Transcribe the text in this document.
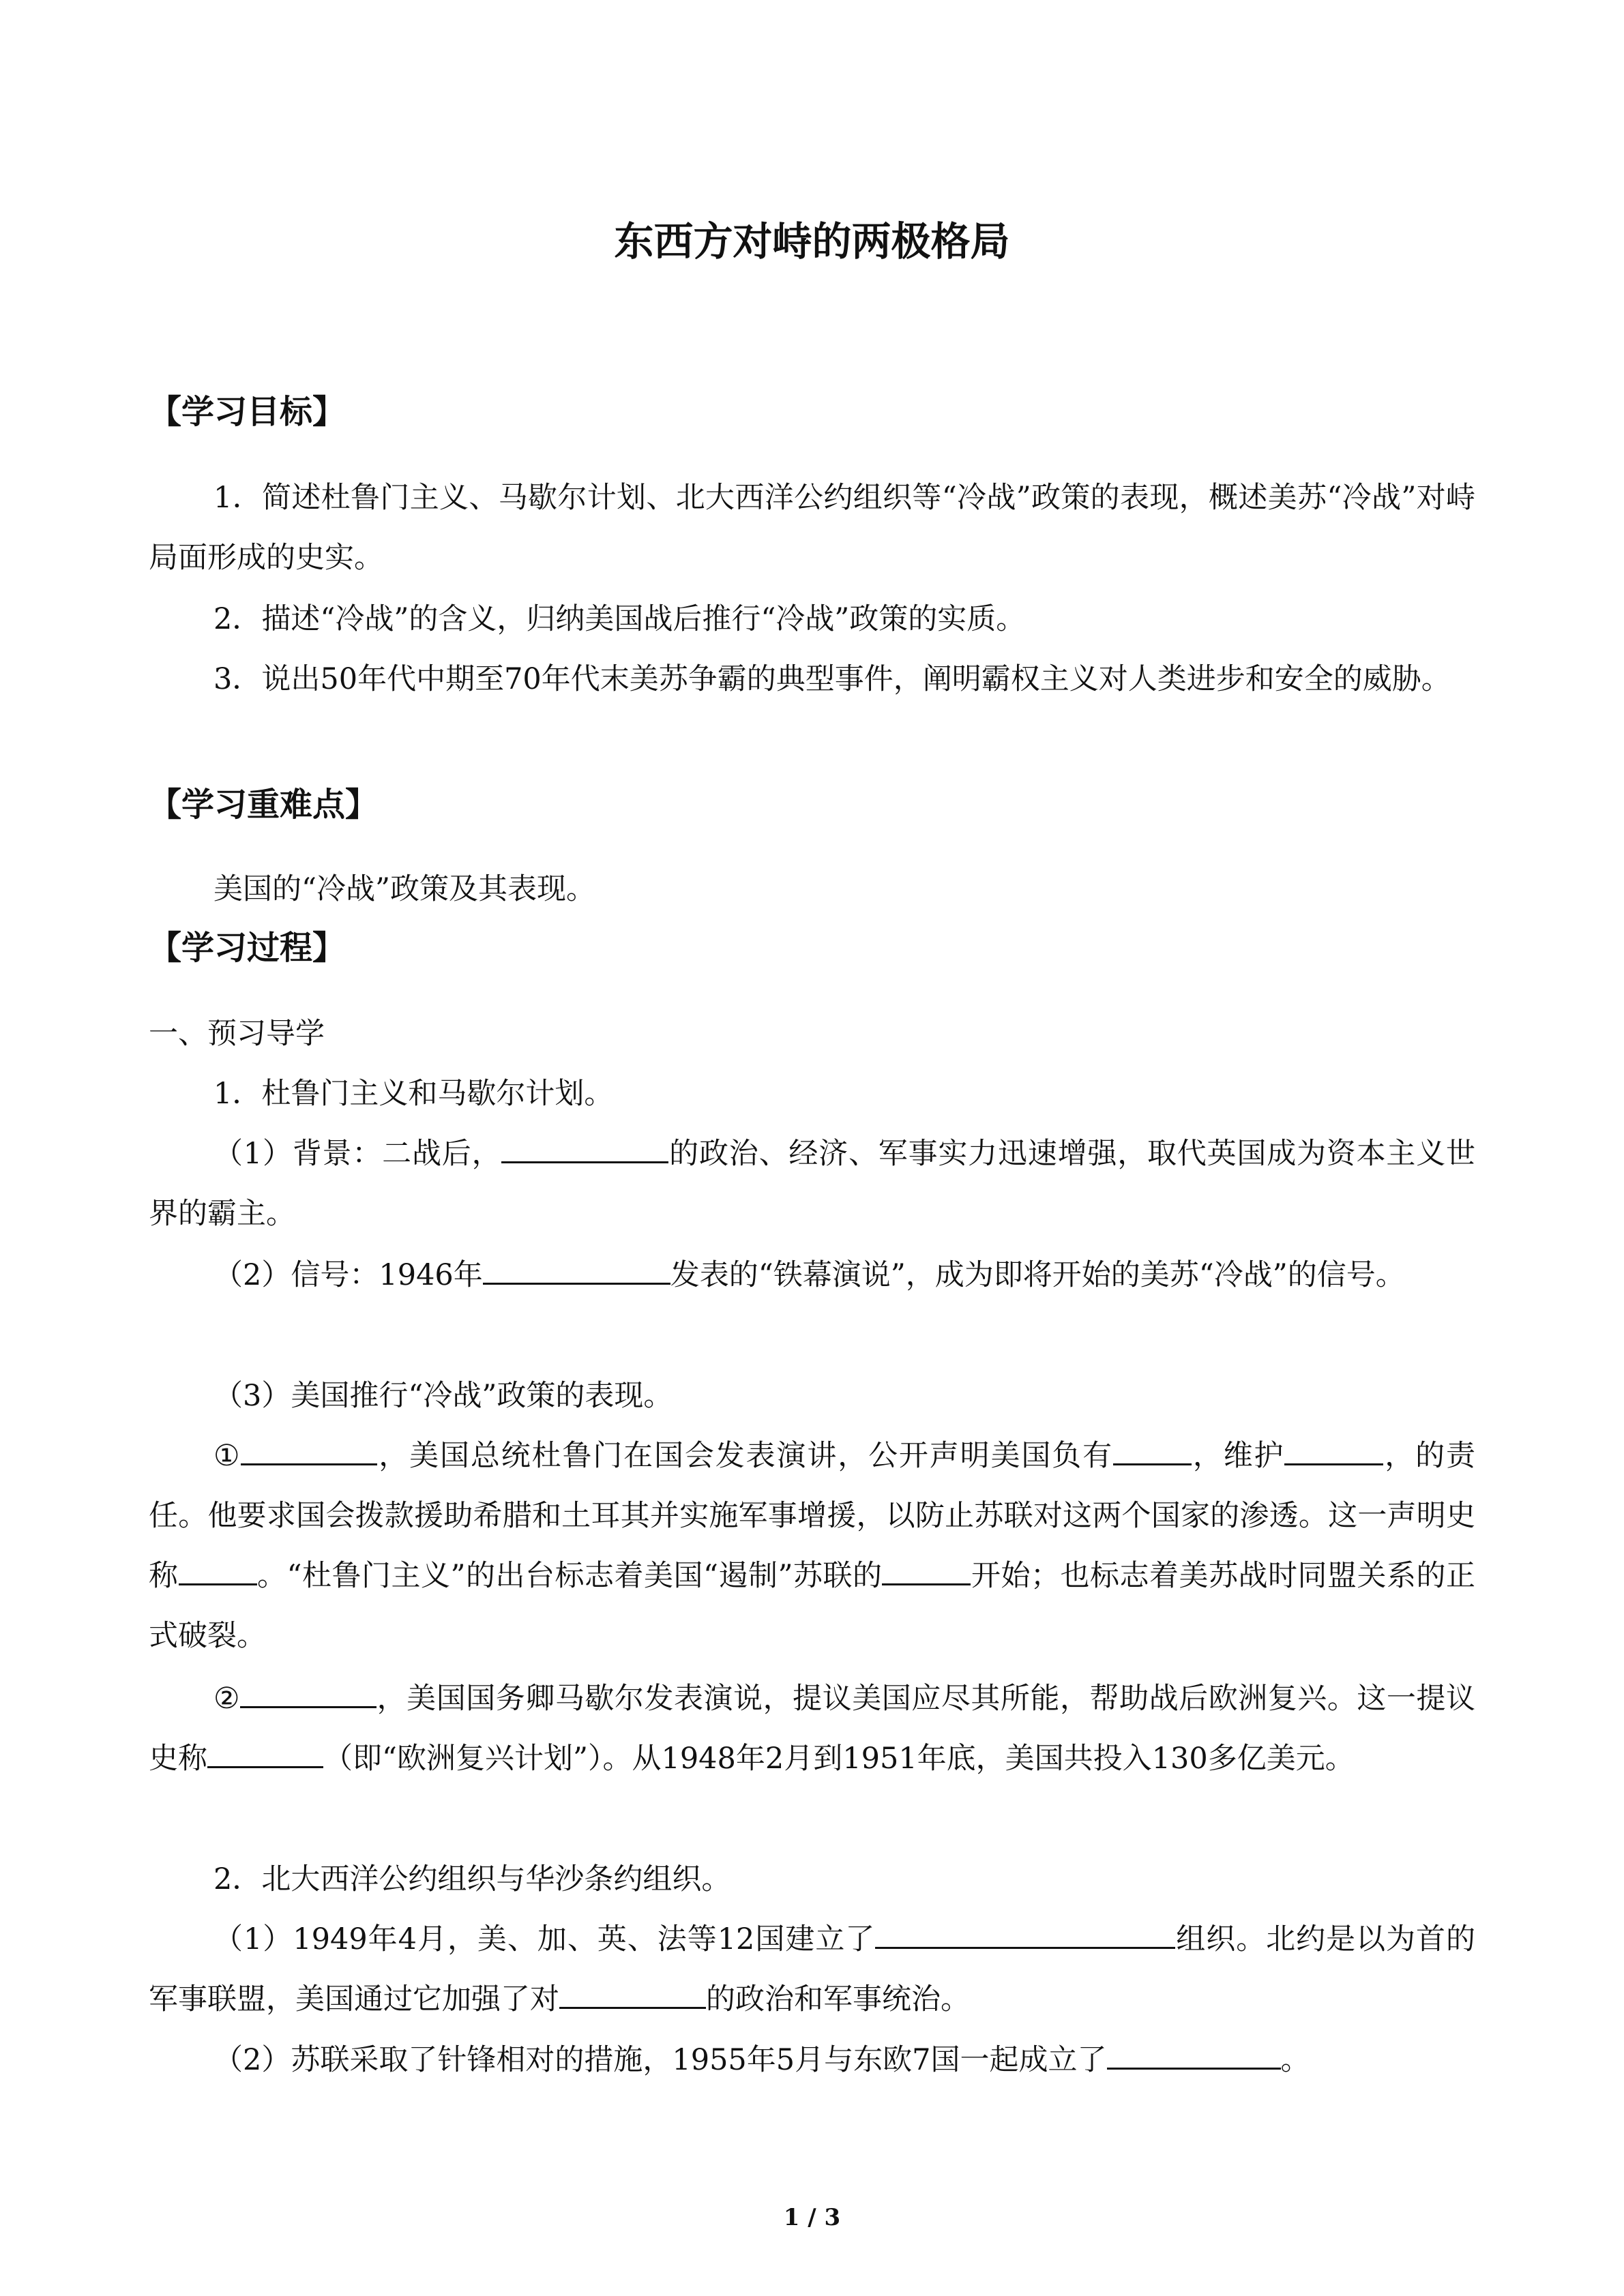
东西方对峙的两极格局
【学习目标】
1．简述杜鲁门主义、马歇尔计划、北大西洋公约组织等“冷战”政策的表现，概述美苏“冷战”对峙局面形成的史实。
2．描述“冷战”的含义，归纳美国战后推行“冷战”政策的实质。
3．说出50年代中期至70年代末美苏争霸的典型事件，阐明霸权主义对人类进步和安全的威胁。
【学习重难点】
美国的“冷战”政策及其表现。
【学习过程】
一、预习导学
1．杜鲁门主义和马歇尔计划。
（1）背景：二战后，	的政治、经济、军事实力迅速增强，取代英国成为资本主义世界的霸主。
（2）信号：1946年	发表的“铁幕演说”，成为即将开始的美苏“冷战”的信号。
（3）美国推行“冷战”政策的表现。
①	，美国总统杜鲁门在国会发表演讲，公开声明美国负有	，维护	，的责任。他要求国会拨款援助希腊和土耳其并实施军事增援，以防止苏联对这两个国家的渗透。这一声明史称	。“杜鲁门主义”的出台标志着美国“遏制”苏联的	开始；也标志着美苏战时同盟关系的正式破裂。
②	，美国国务卿马歇尔发表演说，提议美国应尽其所能，帮助战后欧洲复兴。这一提议史称	（即“欧洲复兴计划”）。从1948年2月到1951年底，美国共投入130多亿美元。
2．北大西洋公约组织与华沙条约组织。
（1）1949年4月，美、加、英、法等12国建立了	组织。北约是以为首的军事联盟，美国通过它加强了对	的政治和军事统治。
（2）苏联采取了针锋相对的措施，1955年5月与东欧7国一起成立了	。
1 / 3
